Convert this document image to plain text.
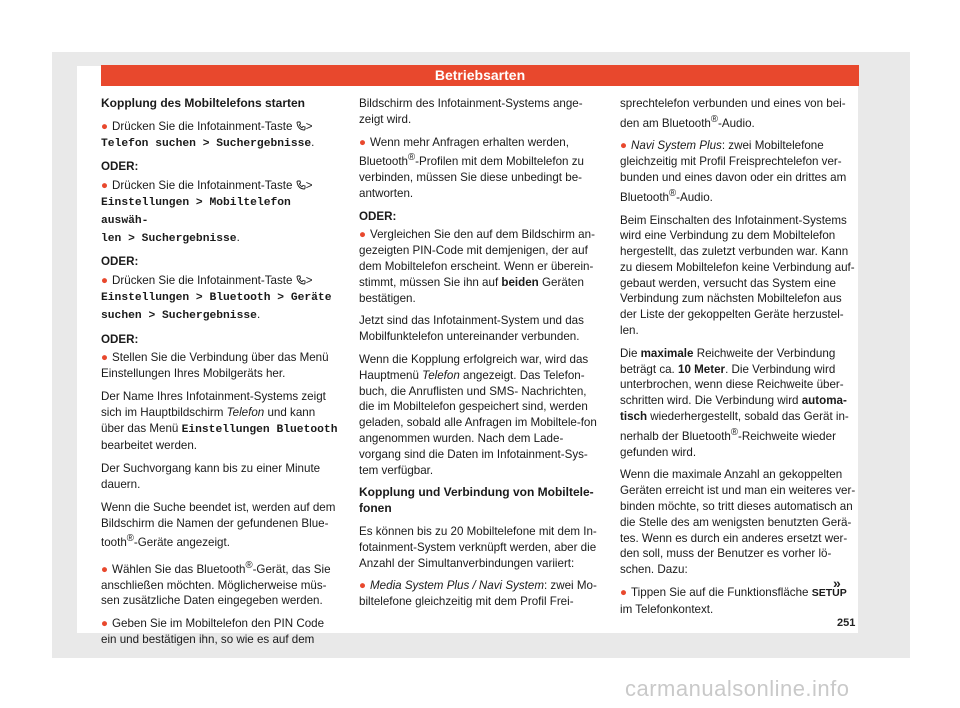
Betriebsarten
Kopplung des Mobiltelefons starten

● Drücken Sie die Infotainment-Taste >
Telefon suchen > Suchergebnisse.

ODER:

● Drücken Sie die Infotainment-Taste >
Einstellungen > Mobiltelefon auswäh-
len > Suchergebnisse.

ODER:

● Drücken Sie die Infotainment-Taste >
Einstellungen > Bluetooth > Geräte
suchen > Suchergebnisse.

ODER:

● Stellen Sie die Verbindung über das Menü Einstellungen Ihres Mobilgeräts her.

Der Name Ihres Infotainment-Systems zeigt sich im Hauptbildschirm Telefon und kann über das Menü Einstellungen Bluetooth bearbeitet werden.

Der Suchvorgang kann bis zu einer Minute dauern.

Wenn die Suche beendet ist, werden auf dem Bildschirm die Namen der gefundenen Blue-tooth®-Geräte angezeigt.

● Wählen Sie das Bluetooth®-Gerät, das Sie anschließen möchten. Möglicherweise müs-sen zusätzliche Daten eingegeben werden.

● Geben Sie im Mobiltelefon den PIN Code ein und bestätigen ihn, so wie es auf dem

Bildschirm des Infotainment-Systems ange-zeigt wird.

● Wenn mehr Anfragen erhalten werden, Bluetooth®-Profilen mit dem Mobiltelefon zu verbinden, müssen Sie diese unbedingt be-antworten.

ODER:

● Vergleichen Sie den auf dem Bildschirm an-gezeigten PIN-Code mit demjenigen, der auf dem Mobiltelefon erscheint. Wenn er überein-stimmt, müssen Sie ihn auf beiden Geräten bestätigen.

Jetzt sind das Infotainment-System und das Mobilfunktelefon untereinander verbunden.

Wenn die Kopplung erfolgreich war, wird das Hauptmenü Telefon angezeigt. Das Telefon-buch, die Anruflisten und SMS- Nachrichten, die im Mobiltelefon gespeichert sind, werden geladen, sobald alle Anfragen im Mobiltele-fon angenommen wurden. Nach dem Lade-vorgang sind die Daten im Infotainment-Sys-tem verfügbar.

Kopplung und Verbindung von Mobiltele-fonen

Es können bis zu 20 Mobiltelefone mit dem In-fotainment-System verknüpft werden, aber die Anzahl der Simultanverbindungen variiert:

● Media System Plus / Navi System: zwei Mo-biltelefone gleichzeitig mit dem Profil Frei-

sprechtelefon verbunden und eines von bei-den am Bluetooth®-Audio.

● Navi System Plus: zwei Mobiltelefone gleichzeitig mit Profil Freisprechtelefon ver-bunden und eines davon oder ein drittes am Bluetooth®-Audio.

Beim Einschalten des Infotainment-Systems wird eine Verbindung zu dem Mobiltelefon hergestellt, das zuletzt verbunden war. Kann zu diesem Mobiltelefon keine Verbindung auf-gebaut werden, versucht das System eine Verbindung zum nächsten Mobiltelefon aus der Liste der gekoppelten Geräte herzustel-len.

Die maximale Reichweite der Verbindung beträgt ca. 10 Meter. Die Verbindung wird unterbrochen, wenn diese Reichweite über-schritten wird. Die Verbindung wird automa-tisch wiederhergestellt, sobald das Gerät in-nerhalb der Bluetooth®-Reichweite wieder gefunden wird.

Wenn die maximale Anzahl an gekoppelten Geräten erreicht ist und man ein weiteres ver-binden möchte, so tritt dieses automatisch an die Stelle des am wenigsten benutzten Gerä-tes. Wenn es durch ein anderes ersetzt wer-den soll, muss der Benutzer es vorher lö-schen. Dazu:

● Tippen Sie auf die Funktionsfläche SETUP im Telefonkontext.

»
251
carmanualsonline.info
